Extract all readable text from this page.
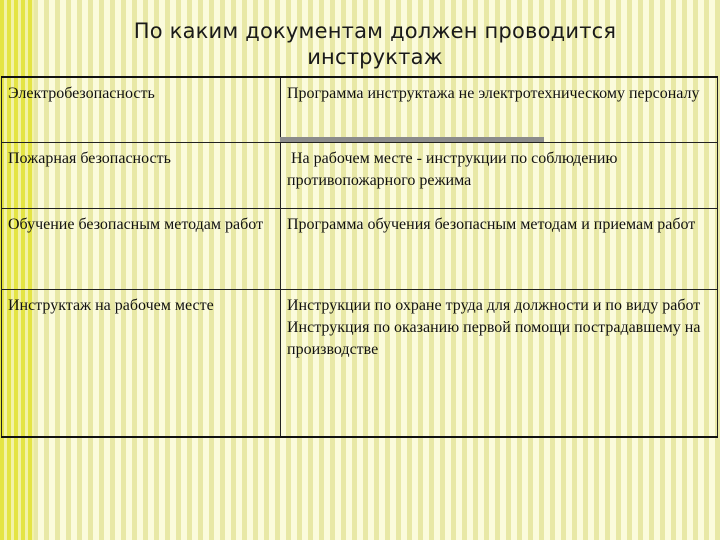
По каким документам должен проводится
инструктаж
Электробезопасность	Программа инструктажа не электротехническому персоналу

Пожарная безопасность	На рабочем месте - инструкции по соблюдению противопожарного режима

Обучение безопасным методам работ	Программа обучения безопасным методам и приемам работ

Инструктаж на рабочем месте	Инструкции по охране труда для должности и по виду работ
Инструкция по оказанию первой помощи пострадавшему на производстве
